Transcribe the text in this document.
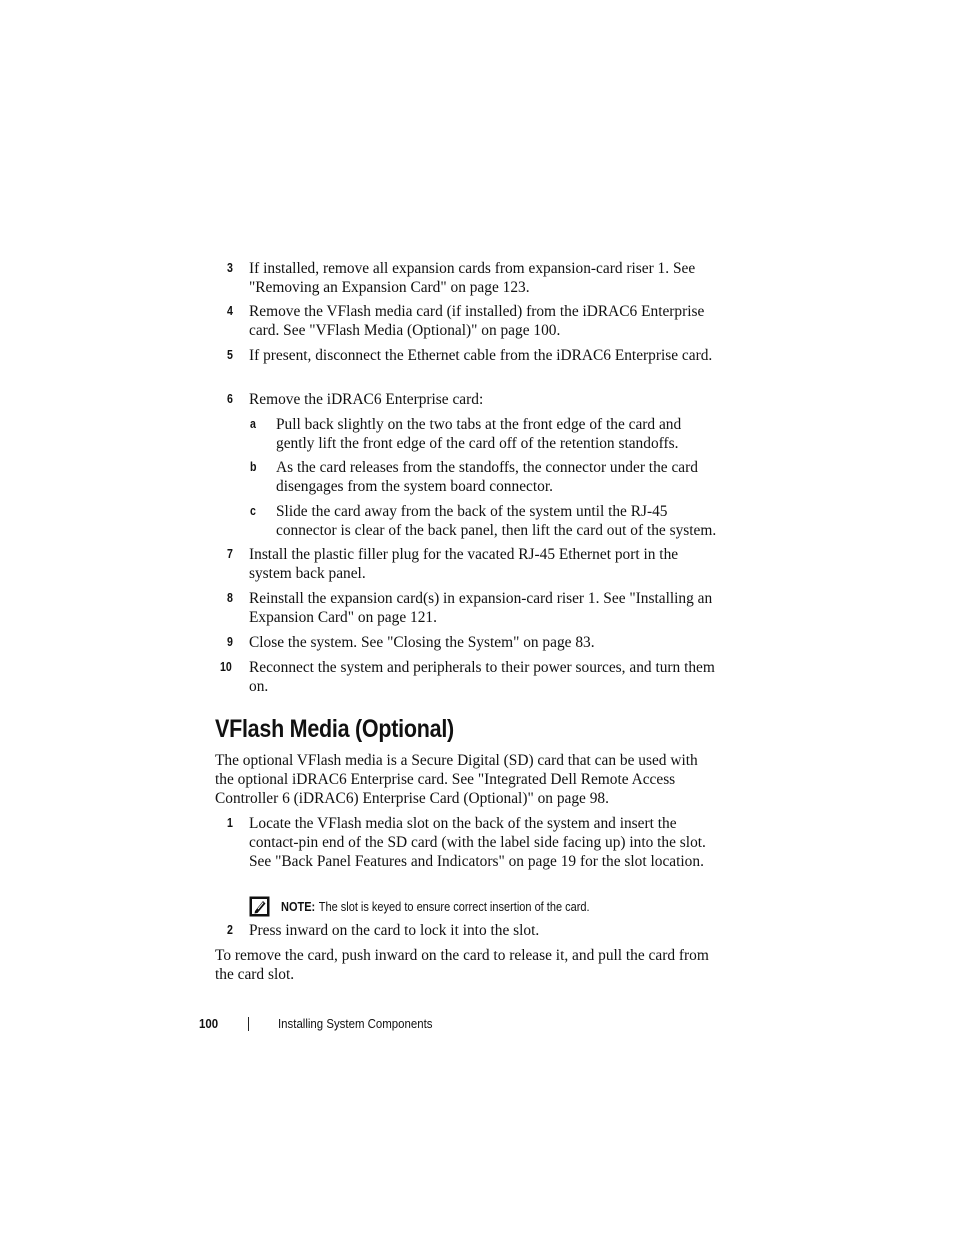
3 If installed, remove all expansion cards from expansion-card riser 1. See "Removing an Expansion Card" on page 123.

4 Remove the VFlash media card (if installed) from the iDRAC6 Enterprise card. See "VFlash Media (Optional)" on page 100.

5 If present, disconnect the Ethernet cable from the iDRAC6 Enterprise card.

6 Remove the iDRAC6 Enterprise card:

a Pull back slightly on the two tabs at the front edge of the card and gently lift the front edge of the card off of the retention standoffs.

b As the card releases from the standoffs, the connector under the card disengages from the system board connector.

c Slide the card away from the back of the system until the RJ-45 connector is clear of the back panel, then lift the card out of the system.

7 Install the plastic filler plug for the vacated RJ-45 Ethernet port in the system back panel.

8 Reinstall the expansion card(s) in expansion-card riser 1. See "Installing an Expansion Card" on page 121.

9 Close the system. See "Closing the System" on page 83.

10 Reconnect the system and peripherals to their power sources, and turn them on.

VFlash Media (Optional)

The optional VFlash media is a Secure Digital (SD) card that can be used with the optional iDRAC6 Enterprise card. See "Integrated Dell Remote Access Controller 6 (iDRAC6) Enterprise Card (Optional)" on page 98.

1 Locate the VFlash media slot on the back of the system and insert the contact-pin end of the SD card (with the label side facing up) into the slot. See "Back Panel Features and Indicators" on page 19 for the slot location.

NOTE: The slot is keyed to ensure correct insertion of the card.
2 Press inward on the card to lock it into the slot.

To remove the card, push inward on the card to release it, and pull the card from the card slot.

100	Installing System Components
